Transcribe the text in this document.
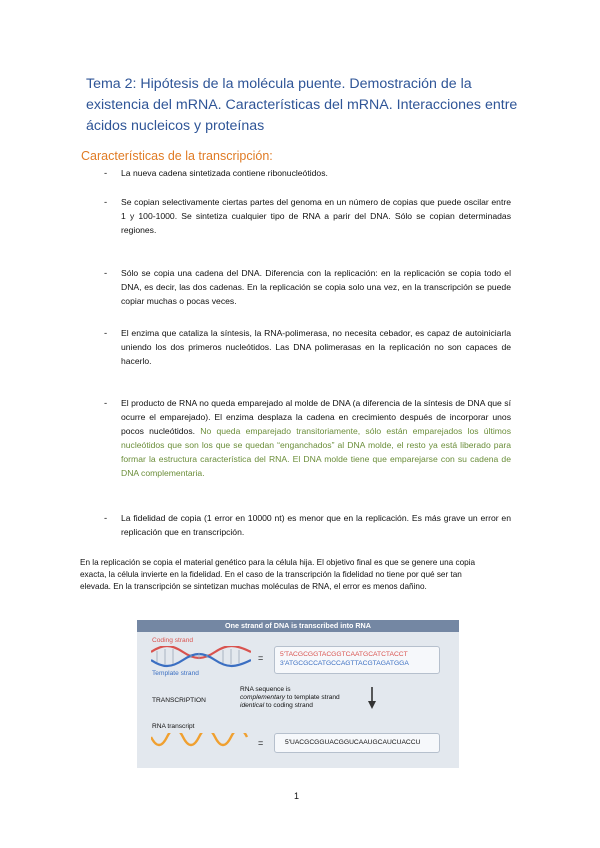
Tema 2: Hipótesis de la molécula puente. Demostración de la existencia del mRNA. Características del mRNA. Interacciones entre ácidos nucleicos y proteínas
Características de la transcripción:
- La nueva cadena sintetizada contiene ribonucleótidos.

- Se copian selectivamente ciertas partes del genoma en un número de copias que puede oscilar entre 1 y 100-1000. Se sintetiza cualquier tipo de RNA a parir del DNA. Sólo se copian determinadas regiones.

- Sólo se copia una cadena del DNA. Diferencia con la replicación: en la replicación se copia todo el DNA, es decir, las dos cadenas. En la replicación se copia solo una vez, en la transcripción se puede copiar muchas o pocas veces.

- El enzima que cataliza la síntesis, la RNA-polimerasa, no necesita cebador, es capaz de autoiniciarla uniendo los dos primeros nucleótidos. Las DNA polimerasas en la replicación no son capaces de hacerlo.

- El producto de RNA no queda emparejado al molde de DNA (a diferencia de la síntesis de DNA que sí ocurre el emparejado). El enzima desplaza la cadena en crecimiento después de incorporar unos pocos nucleótidos. No queda emparejado transitoriamente, sólo están emparejados los últimos nucleótidos que son los que se quedan “enganchados” al DNA molde, el resto ya está liberado para formar la estructura característica del RNA. El DNA molde tiene que emparejarse con su cadena de DNA complementaria.

- La fidelidad de copia (1 error en 10000 nt) es menor que en la replicación. Es más grave un error en replicación que en transcripción.

En la replicación se copia el material genético para la célula hija. El objetivo final es que se genere una copia exacta, la célula invierte en la fidelidad. En el caso de la transcripción la fidelidad no tiene por qué ser tan elevada. En la transcripción se sintetizan muchas moléculas de RNA, el error es menos dañino.

One strand of DNA is transcribed into RNA
Coding strand
Template strand
= 5'TACGCGGTACGGTCAATGCATCTACCT
3'ATGCGCCATGCCAGTTACGTAGATGGA
TRANSCRIPTION
RNA sequence is
complementary to template strand
identical to coding strand
RNA transcript
=	5'UACGCGGUACGGUCAAUGCAUCUACCU
1
